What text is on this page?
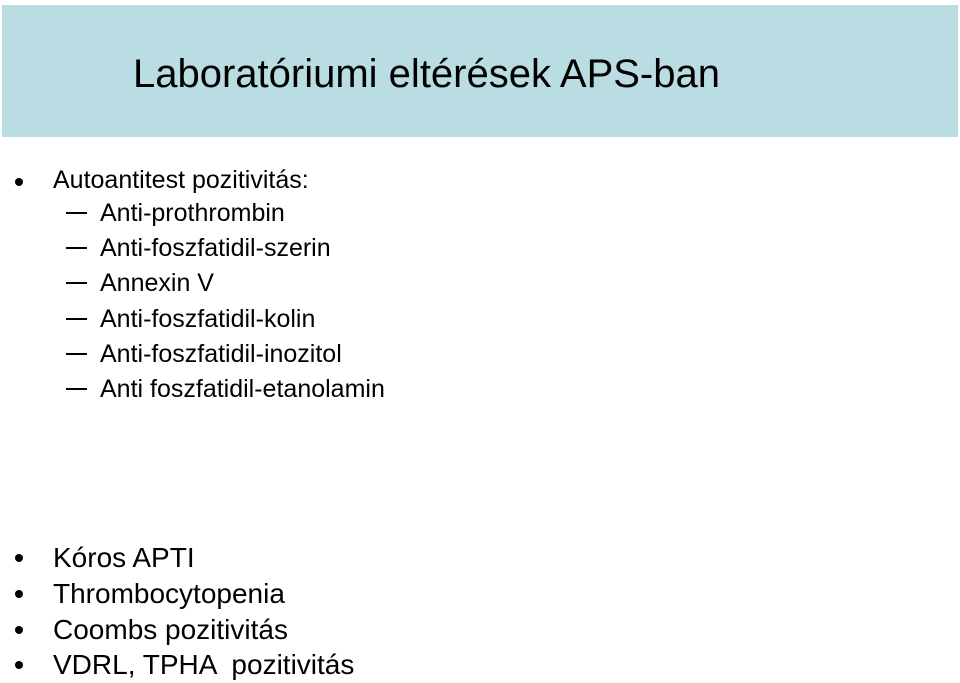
Laboratóriumi eltérések APS-ban
Autoantitest pozitivitás:
Anti-prothrombin
Anti-foszfatidil-szerin
Annexin V
Anti-foszfatidil-kolin
Anti-foszfatidil-inozitol
Anti foszfatidil-etanolamin
Kóros APTI
Thrombocytopenia
Coombs pozitivitás
VDRL, TPHA  pozitivitás
